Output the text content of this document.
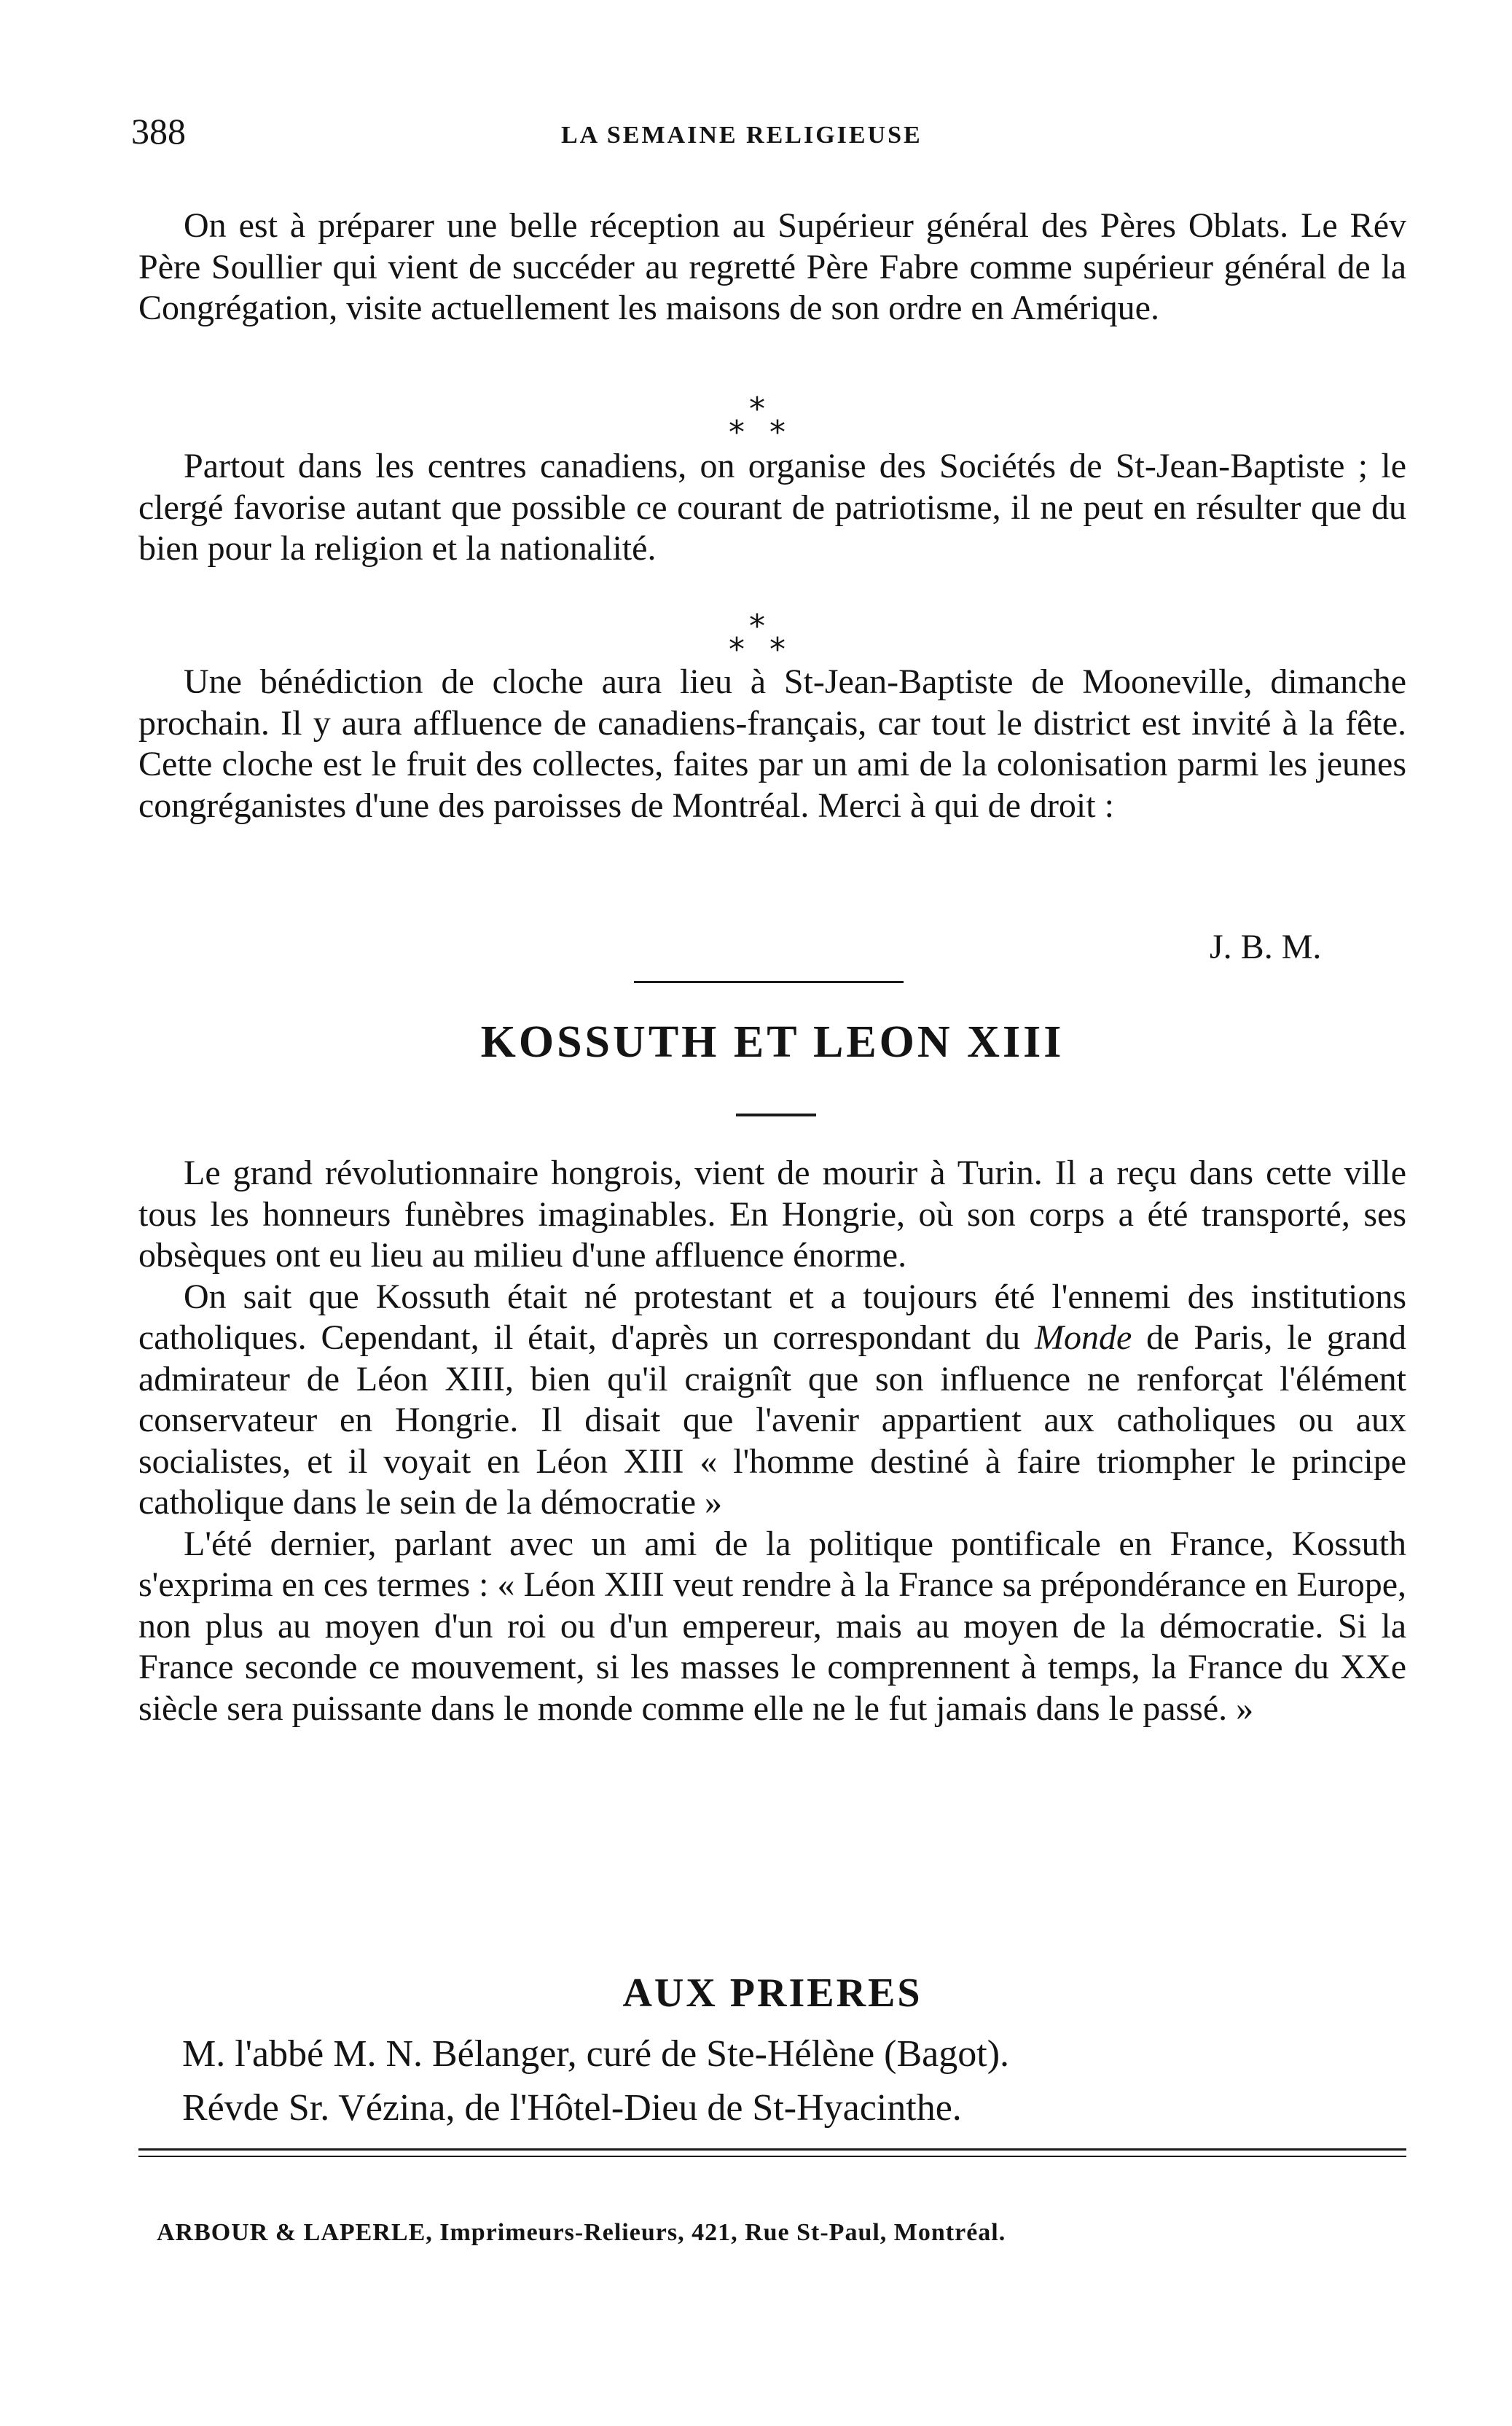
388	LA SEMAINE RELIGIEUSE

On est à préparer une belle réception au Supérieur général des Pères Oblats. Le Rév Père Soullier qui vient de succéder au regretté Père Fabre comme supérieur général de la Congrégation, visite actuellement les maisons de son ordre en Amérique.

*
* *

Partout dans les centres canadiens, on organise des Sociétés de St-Jean-Baptiste ; le clergé favorise autant que possible ce courant de patriotisme, il ne peut en résulter que du bien pour la religion et la nationalité.

*
* *

Une bénédiction de cloche aura lieu à St-Jean-Baptiste de Mooneville, dimanche prochain. Il y aura affluence de canadiens-français, car tout le district est invité à la fête. Cette cloche est le fruit des collectes, faites par un ami de la colonisation parmi les jeunes congréganistes d'une des paroisses de Montréal. Merci à qui de droit :

J. B. M.
KOSSUTH ET LEON XIII

Le grand révolutionnaire hongrois, vient de mourir à Turin. Il a reçu dans cette ville tous les honneurs funèbres imaginables. En Hongrie, où son corps a été transporté, ses obsèques ont eu lieu au milieu d'une affluence énorme.

On sait que Kossuth était né protestant et a toujours été l'ennemi des institutions catholiques. Cependant, il était, d'après un correspondant du Monde de Paris, le grand admirateur de Léon XIII, bien qu'il craignît que son influence ne renforçat l'élément conservateur en Hongrie. Il disait que l'avenir appartient aux catholiques ou aux socialistes, et il voyait en Léon XIII « l'homme destiné à faire triompher le principe catholique dans le sein de la démocratie »

L'été dernier, parlant avec un ami de la politique pontificale en France, Kossuth s'exprima en ces termes : « Léon XIII veut rendre à la France sa prépondérance en Europe, non plus au moyen d'un roi ou d'un empereur, mais au moyen de la démocratie. Si la France seconde ce mouvement, si les masses le comprennent à temps, la France du XXe siècle sera puissante dans le monde comme elle ne le fut jamais dans le passé. »

AUX PRIERES
M. l'abbé M. N. Bélanger, curé de Ste-Hélène (Bagot).
Révde Sr. Vézina, de l'Hôtel-Dieu de St-Hyacinthe.
ARBOUR & LAPERLE, Imprimeurs-Relieurs, 421, Rue St-Paul, Montréal.
